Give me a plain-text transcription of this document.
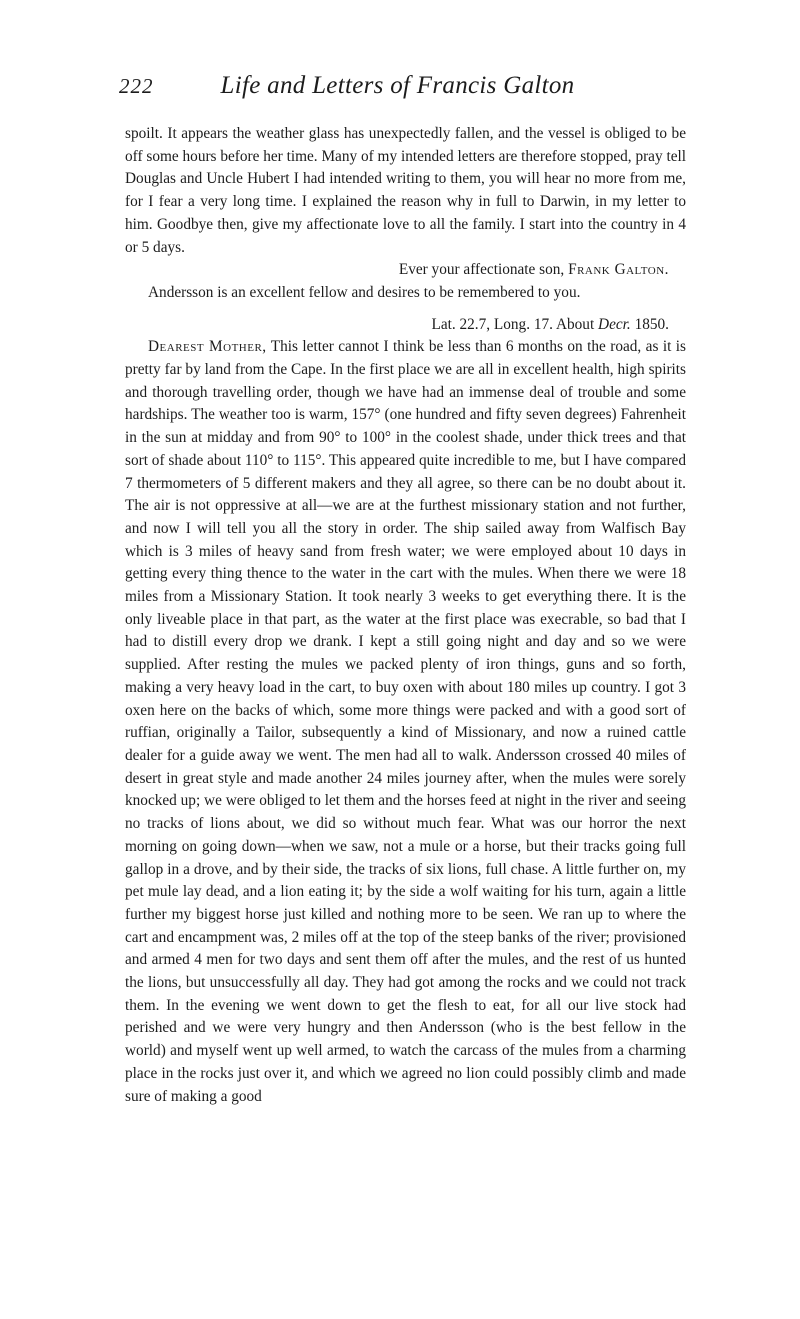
222	Life and Letters of Francis Galton

spoilt. It appears the weather glass has unexpectedly fallen, and the vessel is obliged to be off some hours before her time. Many of my intended letters are therefore stopped, pray tell Douglas and Uncle Hubert I had intended writing to them, you will hear no more from me, for I fear a very long time. I explained the reason why in full to Darwin, in my letter to him. Goodbye then, give my affectionate love to all the family. I start into the country in 4 or 5 days.

Ever your affectionate son, Frank Galton.

Andersson is an excellent fellow and desires to be remembered to you.

Lat. 22.7, Long. 17. About Decr. 1850.

Dearest Mother, This letter cannot I think be less than 6 months on the road, as it is pretty far by land from the Cape. In the first place we are all in excellent health, high spirits and thorough travelling order, though we have had an immense deal of trouble and some hardships. The weather too is warm, 157° (one hundred and fifty seven degrees) Fahrenheit in the sun at midday and from 90° to 100° in the coolest shade, under thick trees and that sort of shade about 110° to 115°. This appeared quite incredible to me, but I have compared 7 thermometers of 5 different makers and they all agree, so there can be no doubt about it. The air is not oppressive at all—we are at the furthest missionary station and not further, and now I will tell you all the story in order. The ship sailed away from Walfisch Bay which is 3 miles of heavy sand from fresh water; we were employed about 10 days in getting every thing thence to the water in the cart with the mules. When there we were 18 miles from a Missionary Station. It took nearly 3 weeks to get everything there. It is the only liveable place in that part, as the water at the first place was execrable, so bad that I had to distill every drop we drank. I kept a still going night and day and so we were supplied. After resting the mules we packed plenty of iron things, guns and so forth, making a very heavy load in the cart, to buy oxen with about 180 miles up country. I got 3 oxen here on the backs of which, some more things were packed and with a good sort of ruffian, originally a Tailor, subsequently a kind of Missionary, and now a ruined cattle dealer for a guide away we went. The men had all to walk. Andersson crossed 40 miles of desert in great style and made another 24 miles journey after, when the mules were sorely knocked up; we were obliged to let them and the horses feed at night in the river and seeing no tracks of lions about, we did so without much fear. What was our horror the next morning on going down—when we saw, not a mule or a horse, but their tracks going full gallop in a drove, and by their side, the tracks of six lions, full chase. A little further on, my pet mule lay dead, and a lion eating it; by the side a wolf waiting for his turn, again a little further my biggest horse just killed and nothing more to be seen. We ran up to where the cart and encampment was, 2 miles off at the top of the steep banks of the river; provisioned and armed 4 men for two days and sent them off after the mules, and the rest of us hunted the lions, but unsuccessfully all day. They had got among the rocks and we could not track them. In the evening we went down to get the flesh to eat, for all our live stock had perished and we were very hungry and then Andersson (who is the best fellow in the world) and myself went up well armed, to watch the carcass of the mules from a charming place in the rocks just over it, and which we agreed no lion could possibly climb and made sure of making a good
